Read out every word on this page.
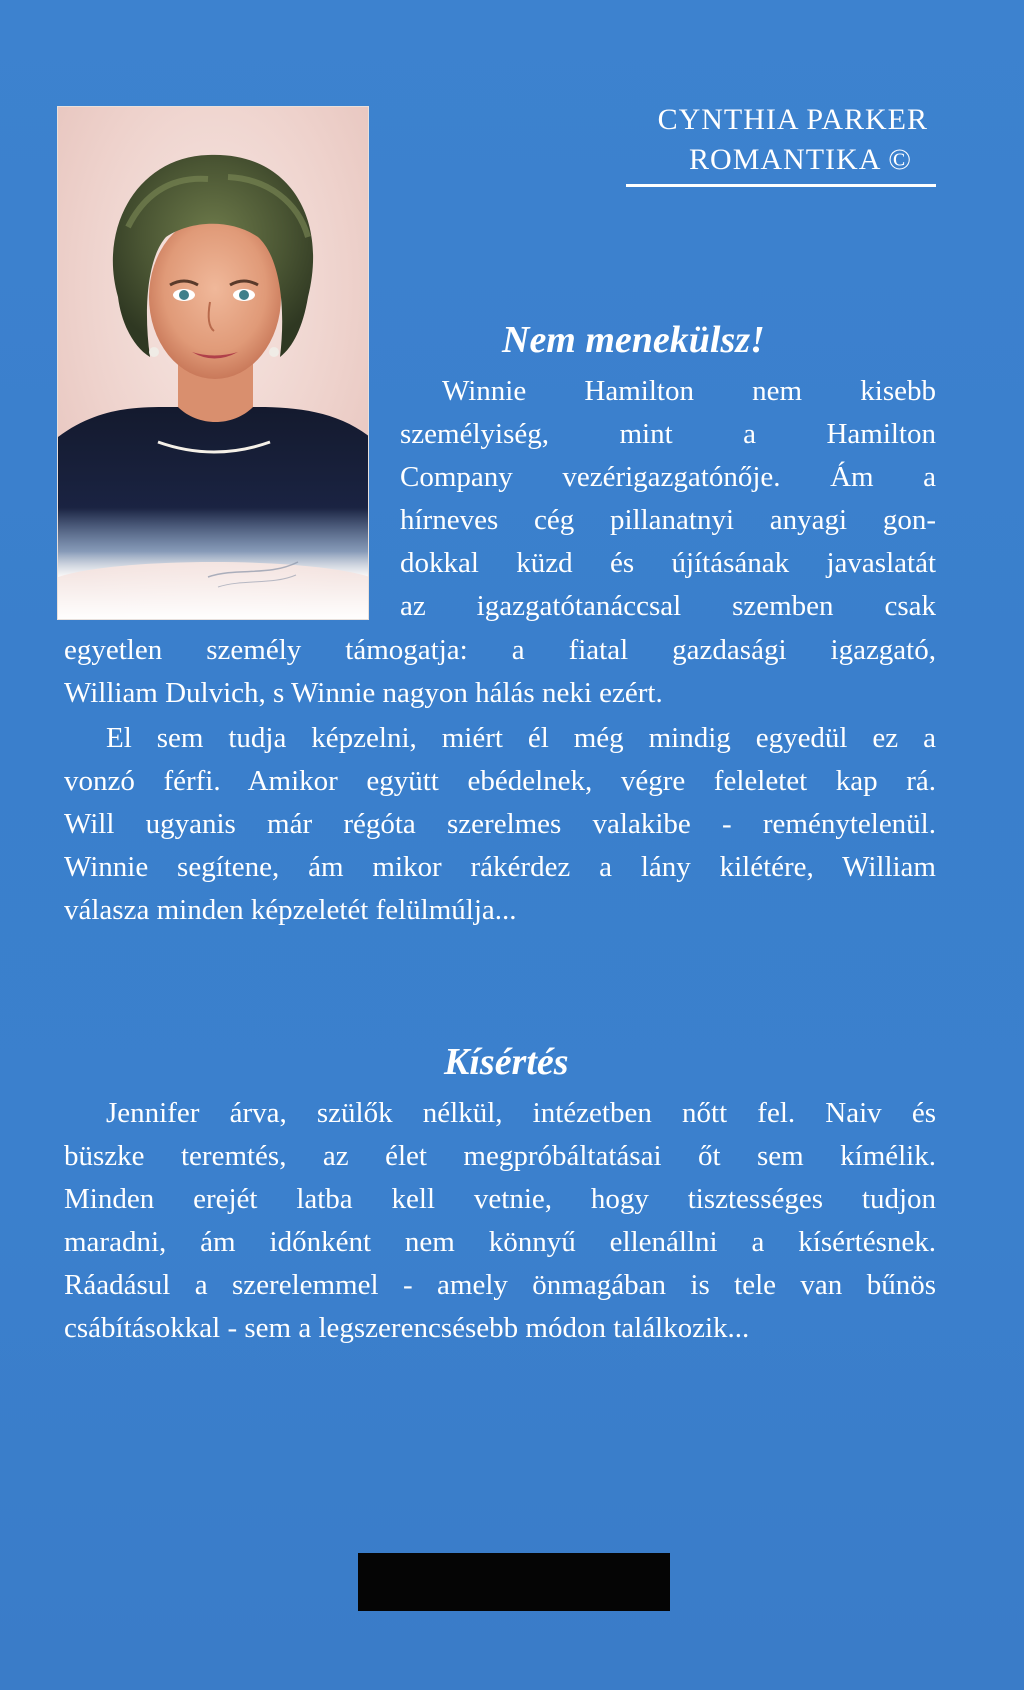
CYNTHIA PARKER
ROMANTIKA ©
Nem menekülsz!
Winnie Hamilton nem kisebb
személyiség, mint a Hamilton
Company vezérigazgatónője. Ám a
hírneves cég pillanatnyi anyagi gon-
dokkal küzd és újításának javaslatát
az igazgatótanáccsal szemben csak
egyetlen személy támogatja: a fiatal gazdasági igazgató,
William Dulvich, s Winnie nagyon hálás neki ezért.
El sem tudja képzelni, miért él még mindig egyedül ez a
vonzó férfi. Amikor együtt ebédelnek, végre feleletet kap rá.
Will ugyanis már régóta szerelmes valakibe - reménytelenül.
Winnie segítene, ám mikor rákérdez a lány kilétére, William
válasza minden képzeletét felülmúlja...
Kísértés
Jennifer árva, szülők nélkül, intézetben nőtt fel. Naiv és
büszke teremtés, az élet megpróbáltatásai őt sem kímélik.
Minden erejét latba kell vetnie, hogy tisztességes tudjon
maradni, ám időnként nem könnyű ellenállni a kísértésnek.
Ráadásul a szerelemmel - amely önmagában is tele van bűnös
csábításokkal - sem a legszerencsésebb módon találkozik...
